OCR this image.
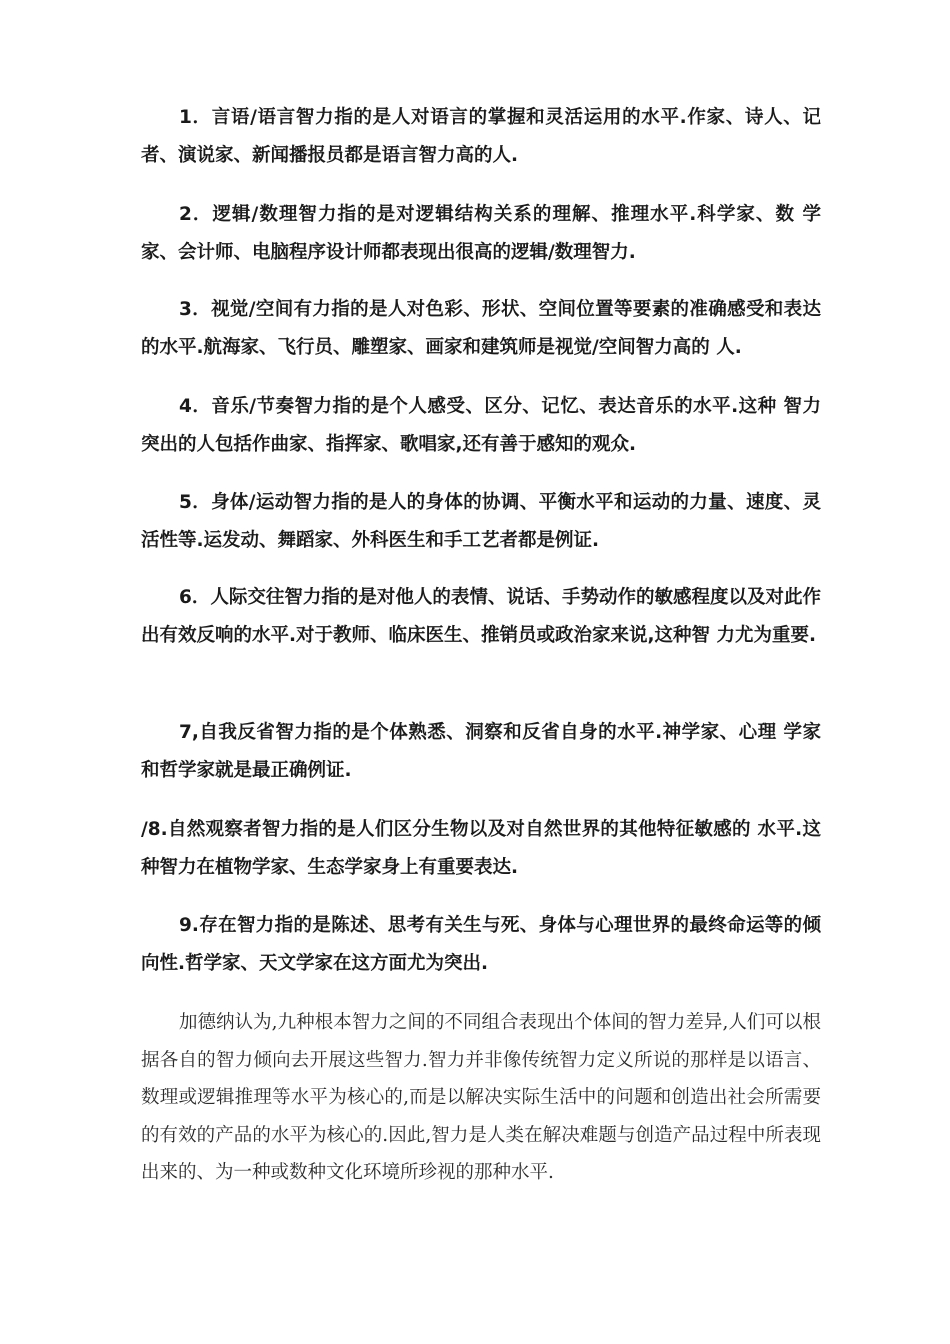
1．言语/语言智力指的是人对语言的掌握和灵活运用的水平.作家、诗人、记者、演说家、新闻播报员都是语言智力高的人.

2．逻辑/数理智力指的是对逻辑结构关系的理解、推理水平.科学家、数 学家、会计师、电脑程序设计师都表现出很高的逻辑/数理智力.

3．视觉/空间有力指的是人对色彩、形状、空间位置等要素的准确感受和表达的水平.航海家、飞行员、雕塑家、画家和建筑师是视觉/空间智力高的 人.

4．音乐/节奏智力指的是个人感受、区分、记忆、表达音乐的水平.这种 智力突出的人包括作曲家、指挥家、歌唱家,还有善于感知的观众.

5．身体/运动智力指的是人的身体的协调、平衡水平和运动的力量、速度、灵活性等.运发动、舞蹈家、外科医生和手工艺者都是例证.

6．人际交往智力指的是对他人的表情、说话、手势动作的敏感程度以及对此作出有效反响的水平.对于教师、临床医生、推销员或政治家来说,这种智 力尤为重要.

7,自我反省智力指的是个体熟悉、洞察和反省自身的水平.神学家、心理 学家和哲学家就是最正确例证.

/8.自然观察者智力指的是人们区分生物以及对自然世界的其他特征敏感的 水平.这种智力在植物学家、生态学家身上有重要表达.

9.存在智力指的是陈述、思考有关生与死、身体与心理世界的最终命运等的倾向性.哲学家、天文学家在这方面尤为突出.

加德纳认为,九种根本智力之间的不同组合表现出个体间的智力差异,人们可以根据各自的智力倾向去开展这些智力.智力并非像传统智力定义所说的那样是以语言、数理或逻辑推理等水平为核心的,而是以解决实际生活中的问题和创造出社会所需要的有效的产品的水平为核心的.因此,智力是人类在解决难题与创造产品过程中所表现出来的、为一种或数种文化环境所珍视的那种水平.
